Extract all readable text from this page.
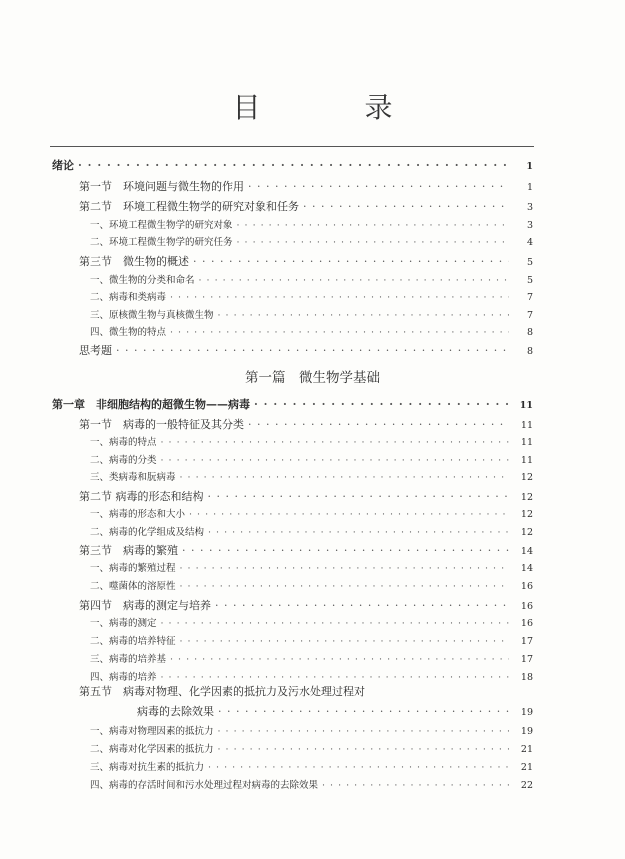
目　录
绪论 · · ·	1
第一节　环境问题与微生物的作用 · · ·	1
第二节　环境工程微生物学的研究对象和任务 · · ·	3
一、环境工程微生物学的研究对象 · · ·	3
二、环境工程微生物学的研究任务 · · ·	4
第三节　微生物的概述 · · ·	5
一、微生物的分类和命名 · · ·	5
二、病毒和类病毒 · · ·	7
三、原核微生物与真核微生物 · · ·	7
四、微生物的特点 · · ·	8
思考题 · · ·	8
第一篇　微生物学基础
第一章　非细胞结构的超微生物——病毒 · · ·	11
第一节　病毒的一般特征及其分类 · · ·	11
一、病毒的特点 · · ·	11
二、病毒的分类 · · ·	11
三、类病毒和朊病毒 · · ·	12
第二节 病毒的形态和结构 · · ·	12
一、病毒的形态和大小 · · ·	12
二、病毒的化学组成及结构 · · ·	12
第三节　病毒的繁殖 · · ·	14
一、病毒的繁殖过程 · · ·	14
二、噬菌体的溶原性 · · ·	16
第四节　病毒的测定与培养 · · ·	16
一、病毒的测定 · · ·	16
二、病毒的培养特征 · · ·	17
三、病毒的培养基 · · ·	17
四、病毒的培养 · · ·	18
第五节　病毒对物理、化学因素的抵抗力及污水处理过程对
病毒的去除效果 · · ·	19
一、病毒对物理因素的抵抗力 · · ·	19
二、病毒对化学因素的抵抗力 · · ·	21
三、病毒对抗生素的抵抗力 · · ·	21
四、病毒的存活时间和污水处理过程对病毒的去除效果 · · ·	22
